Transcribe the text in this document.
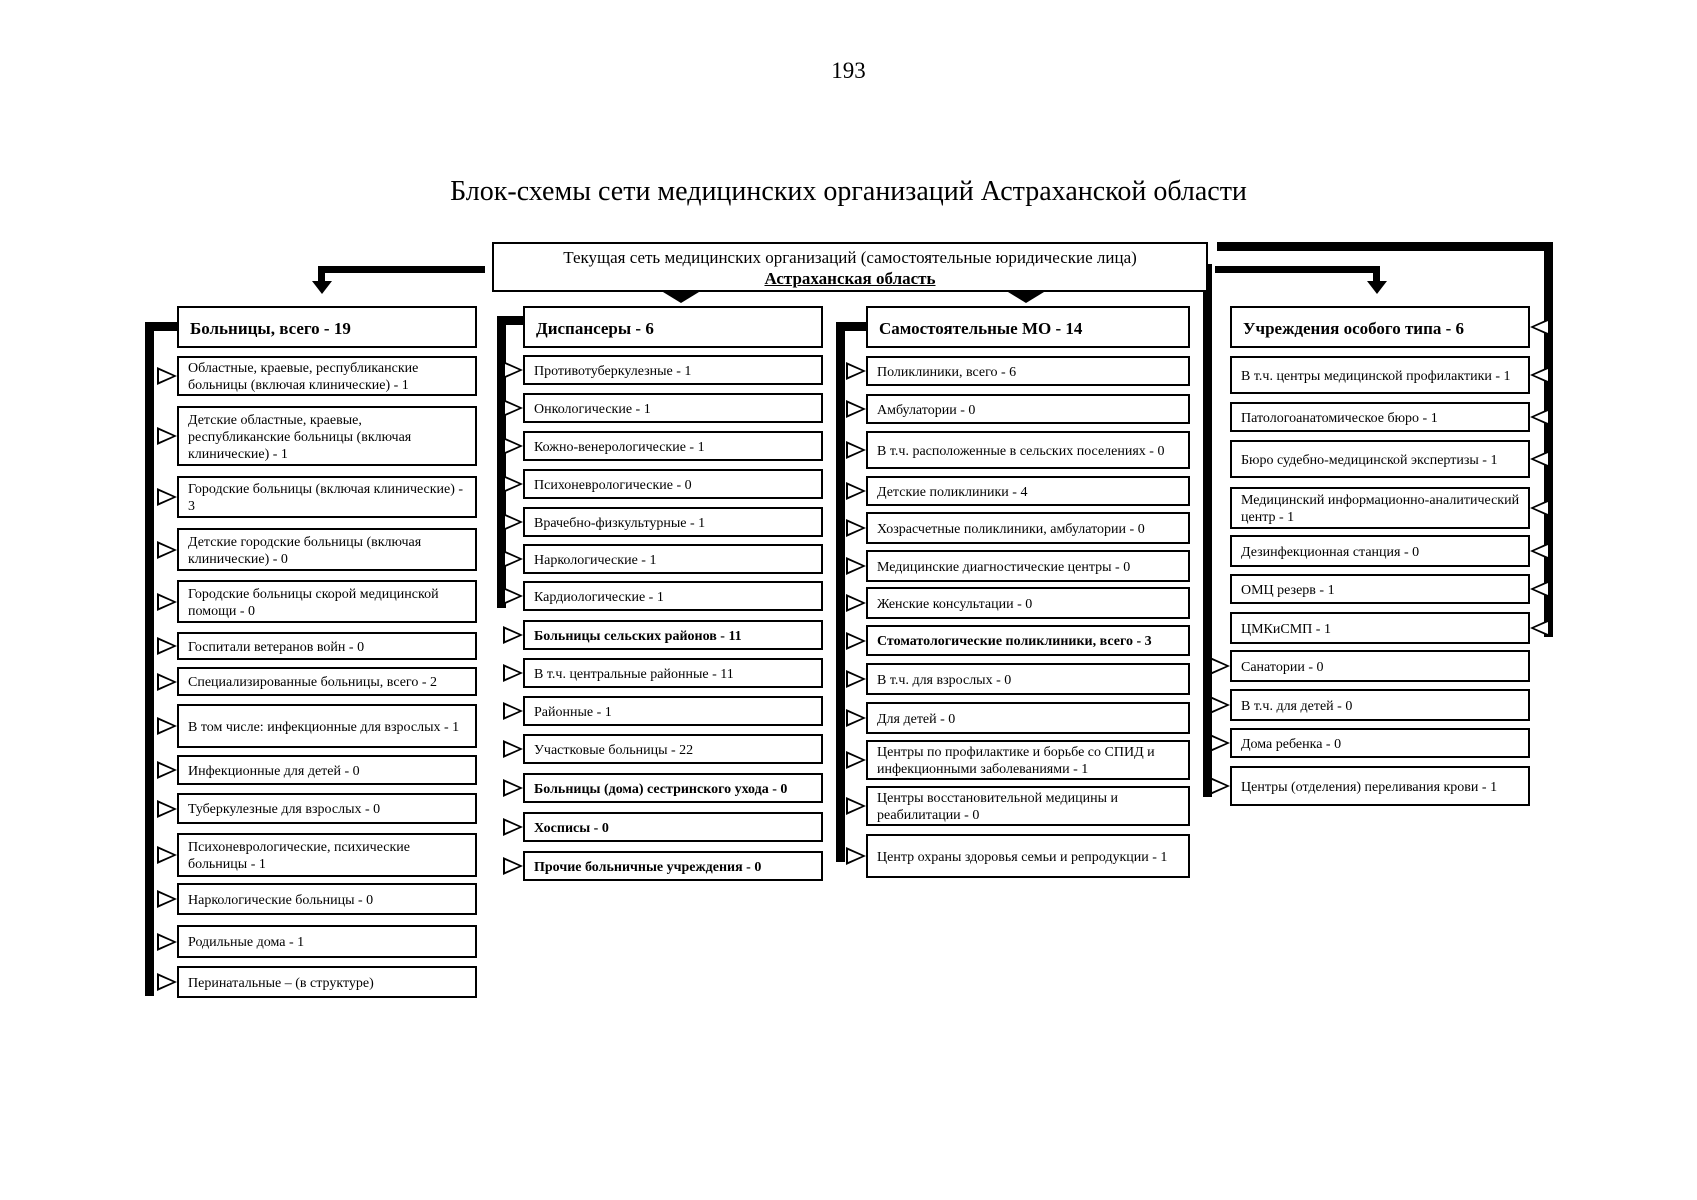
193
Блок-схемы сети медицинских организаций Астраханской области
Текущая сеть медицинских организаций (самостоятельные юридические лица)
Астраханская область
Больницы, всего - 19
Областные, краевые, республиканские больницы (включая клинические) - 1
Детские областные, краевые, республиканские больницы (включая клинические) - 1
Городские больницы (включая клинические) - 3
Детские городские больницы (включая клинические) - 0
Городские больницы скорой медицинской помощи - 0
Госпитали ветеранов войн - 0
Специализированные больницы, всего - 2
В том числе: инфекционные для взрослых - 1
Инфекционные для детей - 0
Туберкулезные для взрослых - 0
Психоневрологические, психические больницы - 1
Наркологические больницы - 0
Родильные дома - 1
Перинатальные – (в структуре)
Диспансеры - 6
Противотуберкулезные - 1
Онкологические - 1
Кожно-венерологические - 1
Психоневрологические - 0
Врачебно-физкультурные - 1
Наркологические - 1
Кардиологические - 1
Больницы сельских районов - 11
В т.ч. центральные районные - 11
Районные - 1
Участковые больницы - 22
Больницы (дома) сестринского ухода - 0
Хосписы - 0
Прочие больничные учреждения - 0
Самостоятельные МО - 14
Поликлиники, всего - 6
Амбулатории - 0
В т.ч. расположенные в сельских поселениях - 0
Детские поликлиники - 4
Хозрасчетные поликлиники, амбулатории - 0
Медицинские диагностические центры - 0
Женские консультации - 0
Стоматологические поликлиники, всего - 3
В т.ч. для взрослых - 0
Для детей - 0
Центры по профилактике и борьбе со СПИД и инфекционными заболеваниями - 1
Центры восстановительной медицины и реабилитации - 0
Центр охраны здоровья семьи и репродукции - 1
Учреждения особого типа - 6
В т.ч. центры медицинской профилактики - 1
Патологоанатомическое бюро - 1
Бюро судебно-медицинской экспертизы - 1
Медицинский информационно-аналитический центр - 1
Дезинфекционная станция - 0
ОМЦ резерв - 1
ЦМКиСМП - 1
Санатории - 0
В т.ч. для детей - 0
Дома ребенка - 0
Центры (отделения) переливания крови - 1
